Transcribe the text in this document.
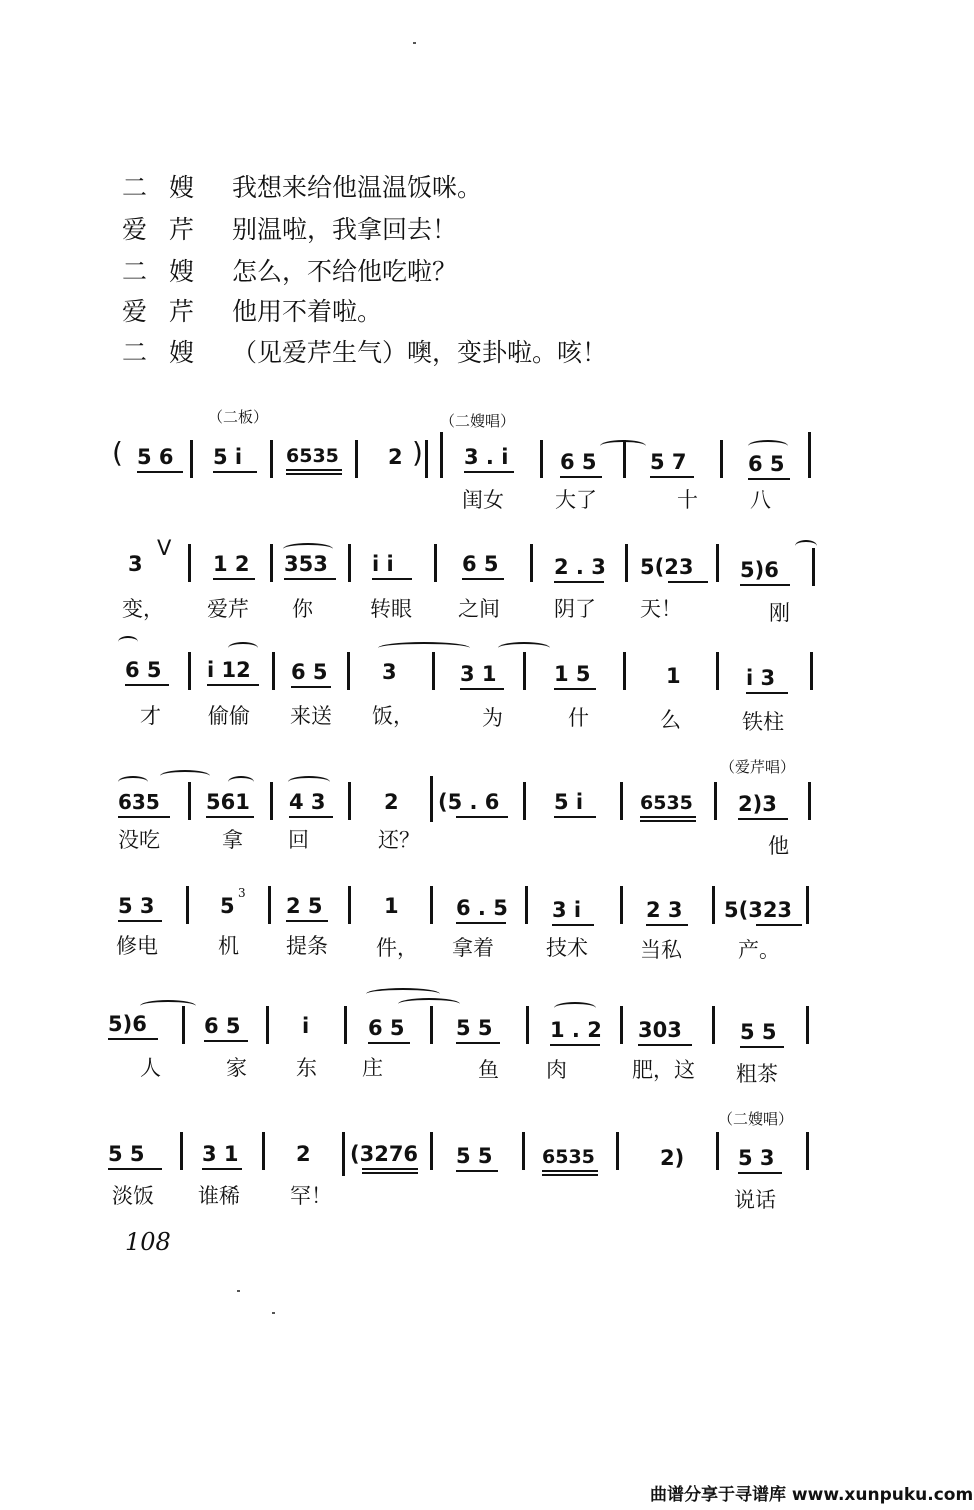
二嫂 我想来给他温温饭咪。
爱芹 别温啦，我拿回去！
二嫂 怎么，不给他吃啦？
爱芹 他用不着啦。
二嫂 （见爱芹生气）噢，变卦啦。咳！
（二板）	（二嫂唱）
( 5 6 5 i 6535 2 ) 3 . i 6 5	5 7	6 5
闺女 大了	十 八
3
V
1 2 353 i i	6 5	2 . 3 5(23 5)6
变， 爱芹 你	转眼 之间	阴了 天！	刚
6 5 i 12 6 5	3	3 1	1 5	1	i 3
才 偷偷 来送 饭，	为	什	么	铁柱
（爱芹唱）
635 561 4 3	2 (5 . 6	5 i	6535 2)3
没吃	拿 回	还？	他
5 3	5
3
2 5	1	6 . 5 3 i	2 3 5(323
修电	机 提条 件， 拿着 技术 当私	产。
5)6	6 5	i	6 5 5 5	1 . 2 303	5 5
人	家 东 庄	鱼 肉	肥，这 粗茶
（二嫂唱）
5 5	3 1	2 (3276 5 5	6535	2)	5 3
淡饭 谁稀 罕！	说话
108
曲谱分享于寻谱库 www.xunpuku.com
